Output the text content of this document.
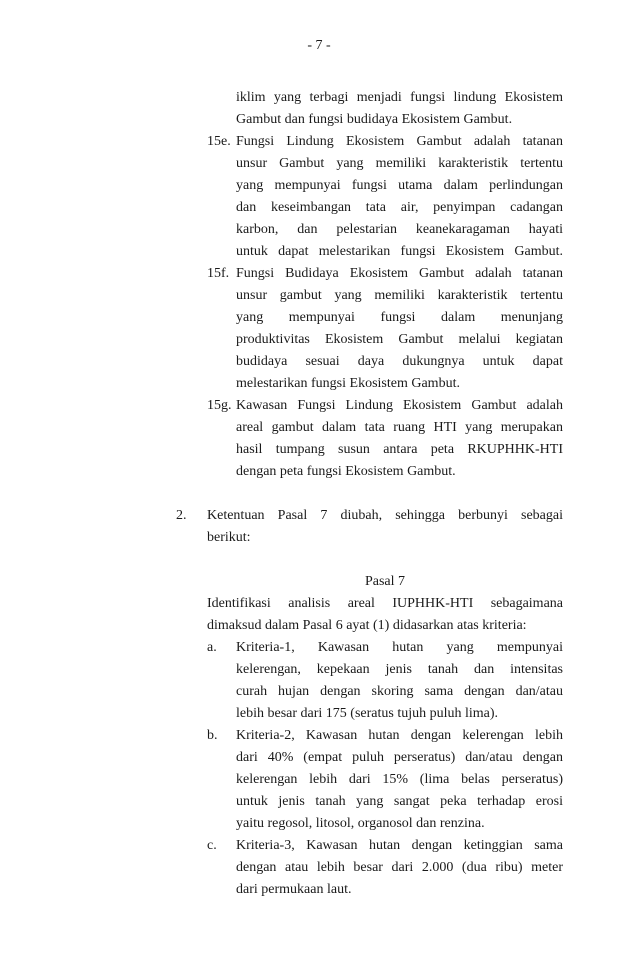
- 7 -
iklim yang terbagi menjadi fungsi lindung Ekosistem
Gambut dan fungsi budidaya Ekosistem Gambut.
15e. Fungsi Lindung Ekosistem Gambut adalah tatanan
unsur Gambut yang memiliki karakteristik tertentu
yang mempunyai fungsi utama dalam perlindungan
dan keseimbangan tata air, penyimpan cadangan
karbon, dan pelestarian keanekaragaman hayati
untuk dapat melestarikan fungsi Ekosistem Gambut.
15f. Fungsi Budidaya Ekosistem Gambut adalah tatanan
unsur gambut yang memiliki karakteristik tertentu
yang mempunyai fungsi dalam menunjang
produktivitas Ekosistem Gambut melalui kegiatan
budidaya sesuai daya dukungnya untuk dapat
melestarikan fungsi Ekosistem Gambut.
15g. Kawasan Fungsi Lindung Ekosistem Gambut adalah
areal gambut dalam tata ruang HTI yang merupakan
hasil tumpang susun antara peta RKUPHHK-HTI
dengan peta fungsi Ekosistem Gambut.
2. Ketentuan Pasal 7 diubah, sehingga berbunyi sebagai
berikut:
Pasal 7
Identifikasi analisis areal IUPHHK-HTI sebagaimana
dimaksud dalam Pasal 6 ayat (1) didasarkan atas kriteria:
a. Kriteria-1, Kawasan hutan yang mempunyai
kelerengan, kepekaan jenis tanah dan intensitas
curah hujan dengan skoring sama dengan dan/atau
lebih besar dari 175 (seratus tujuh puluh lima).
b. Kriteria-2, Kawasan hutan dengan kelerengan lebih
dari 40% (empat puluh perseratus) dan/atau dengan
kelerengan lebih dari 15% (lima belas perseratus)
untuk jenis tanah yang sangat peka terhadap erosi
yaitu regosol, litosol, organosol dan renzina.
c. Kriteria-3, Kawasan hutan dengan ketinggian sama
dengan atau lebih besar dari 2.000 (dua ribu) meter
dari permukaan laut.
